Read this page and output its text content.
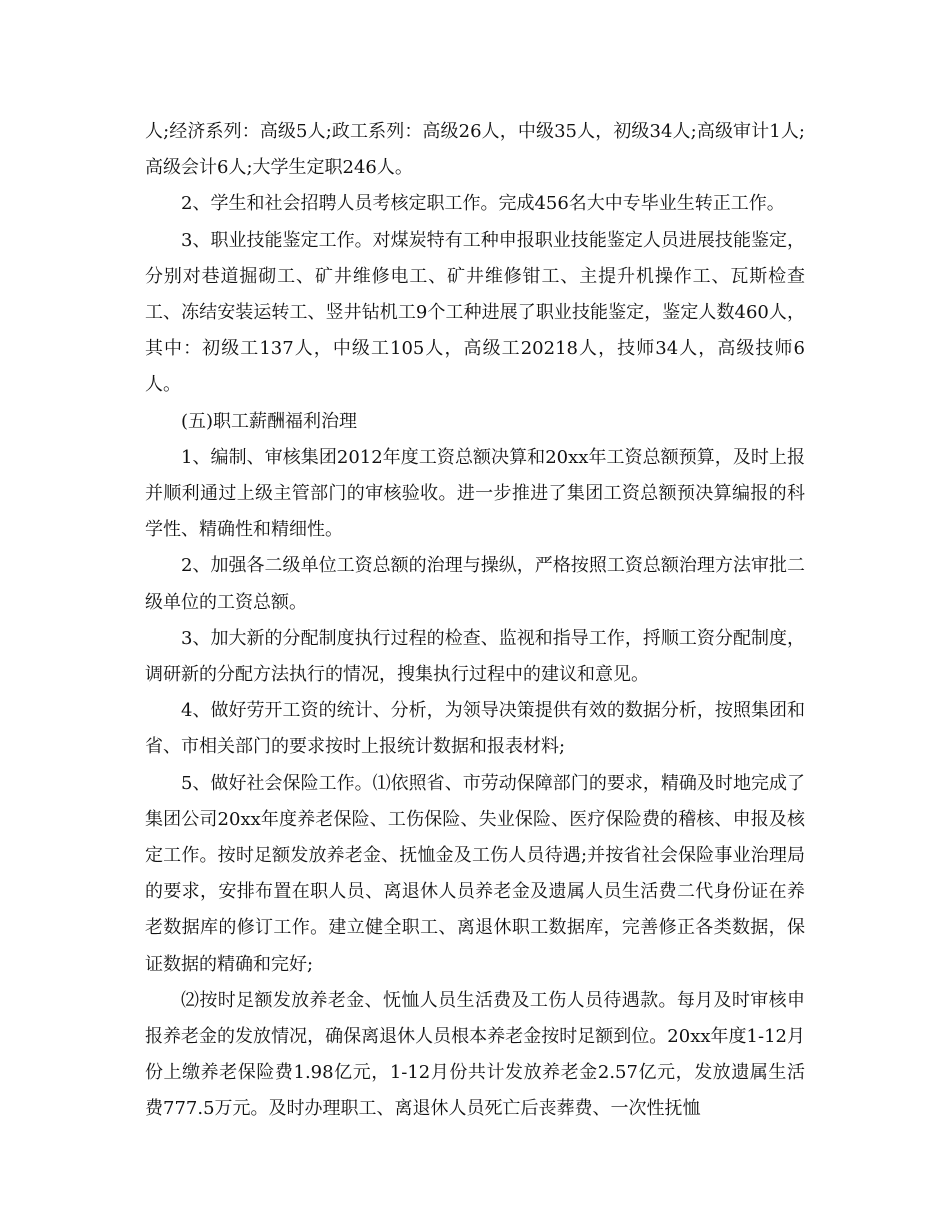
人;经济系列：高级5人;政工系列：高级26人，中级35人，初级34人;高级审计1人;高级会计6人;大学生定职246人。

2、学生和社会招聘人员考核定职工作。完成456名大中专毕业生转正工作。

3、职业技能鉴定工作。对煤炭特有工种申报职业技能鉴定人员进展技能鉴定，分别对巷道掘砌工、矿井维修电工、矿井维修钳工、主提升机操作工、瓦斯检查工、冻结安装运转工、竖井钻机工9个工种进展了职业技能鉴定，鉴定人数460人，其中：初级工137人，中级工105人，高级工20218人，技师34人，高级技师6人。

(五)职工薪酬福利治理

1、编制、审核集团2012年度工资总额决算和20xx年工资总额预算，及时上报并顺利通过上级主管部门的审核验收。进一步推进了集团工资总额预决算编报的科学性、精确性和精细性。

2、加强各二级单位工资总额的治理与操纵，严格按照工资总额治理方法审批二级单位的工资总额。

3、加大新的分配制度执行过程的检查、监视和指导工作，捋顺工资分配制度，调研新的分配方法执行的情况，搜集执行过程中的建议和意见。

4、做好劳开工资的统计、分析，为领导决策提供有效的数据分析，按照集团和省、市相关部门的要求按时上报统计数据和报表材料;

5、做好社会保险工作。⑴依照省、市劳动保障部门的要求，精确及时地完成了集团公司20xx年度养老保险、工伤保险、失业保险、医疗保险费的稽核、申报及核定工作。按时足额发放养老金、抚恤金及工伤人员待遇;并按省社会保险事业治理局的要求，安排布置在职人员、离退休人员养老金及遗属人员生活费二代身份证在养老数据库的修订工作。建立健全职工、离退休职工数据库，完善修正各类数据，保证数据的精确和完好;

⑵按时足额发放养老金、怃恤人员生活费及工伤人员待遇款。每月及时审核申报养老金的发放情况，确保离退休人员根本养老金按时足额到位。20xx年度1-12月份上缴养老保险费1.98亿元，1-12月份共计发放养老金2.57亿元，发放遗属生活费777.5万元。及时办理职工、离退休人员死亡后丧葬费、一次性抚恤
